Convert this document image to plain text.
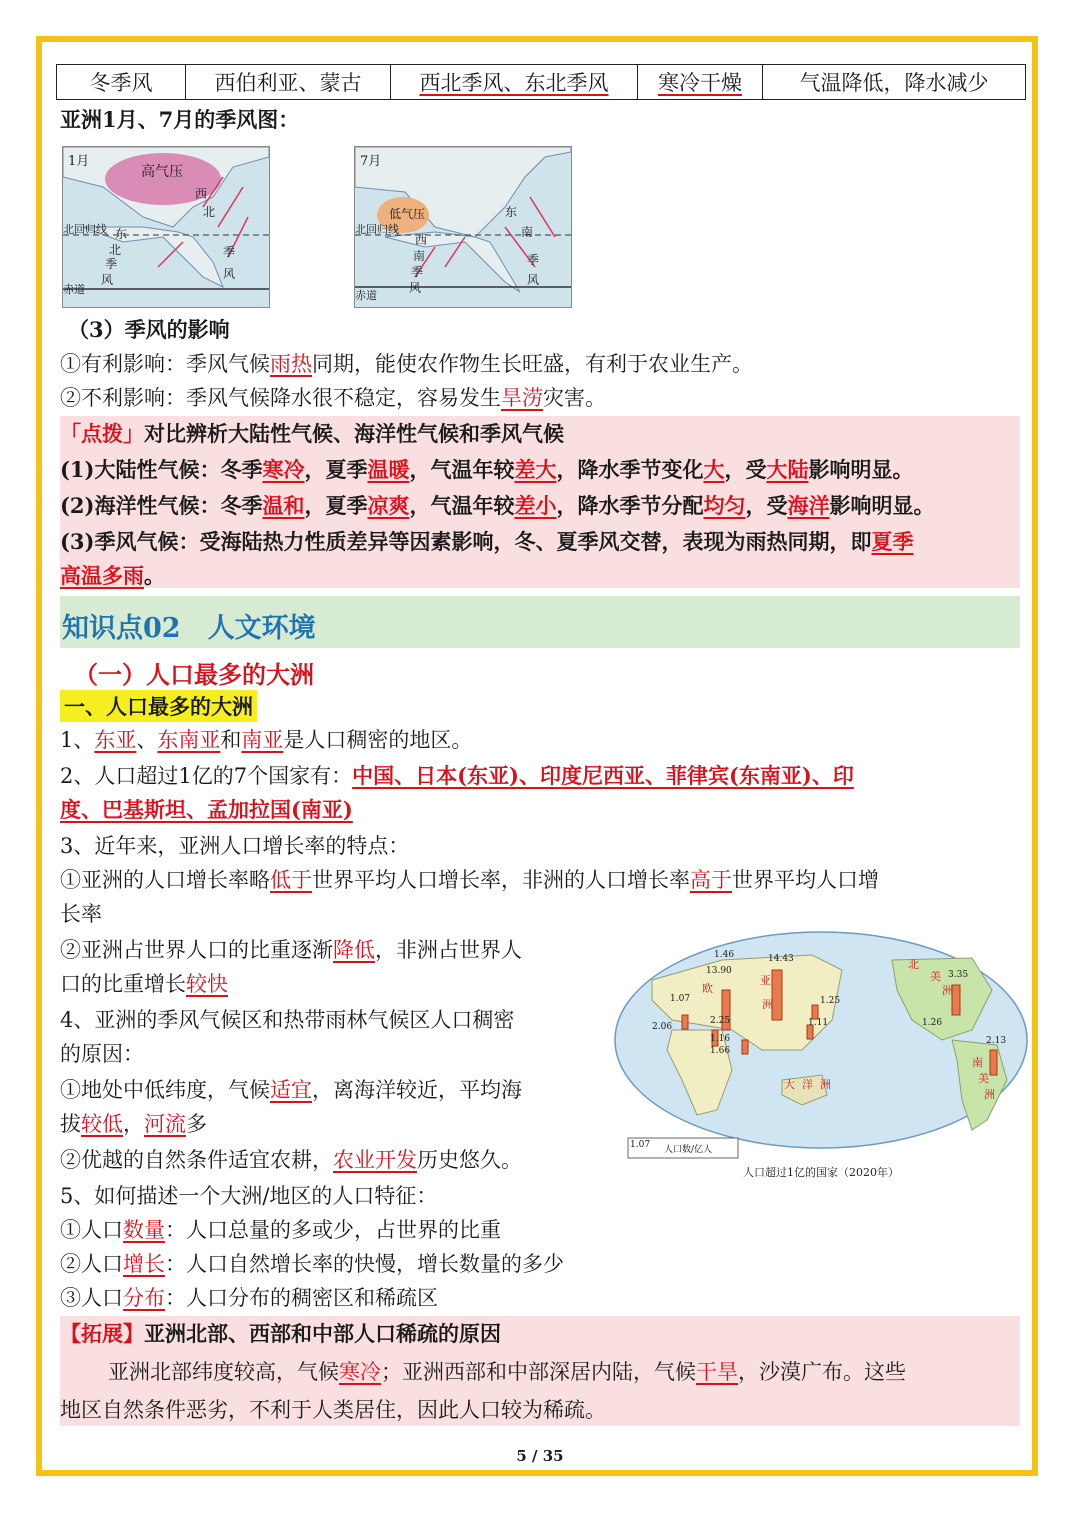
冬季风	西伯利亚、蒙古	西北季风、东北季风	寒冷干燥	气温降低，降水减少
亚洲1月、7月的季风图：
1月
高气压
北回归线
赤道
西
北
东
北
季
风
季
风
7月
低气压
北回归线
赤道
西
南
季
风
东
南
季
风
（3）季风的影响
①有利影响：季风气候雨热同期，能使农作物生长旺盛，有利于农业生产。
②不利影响：季风气候降水很不稳定，容易发生旱涝灾害。
「点拨」对比辨析大陆性气候、海洋性气候和季风气候
(1)大陆性气候：冬季寒冷，夏季温暖，气温年较差大，降水季节变化大，受大陆影响明显。
(2)海洋性气候：冬季温和，夏季凉爽，气温年较差小，降水季节分配均匀，受海洋影响明显。
(3)季风气候：受海陆热力性质差异等因素影响，冬、夏季风交替，表现为雨热同期，即夏季
高温多雨。
知识点02　人文环境
（一）人口最多的大洲
一、人口最多的大洲
1、东亚、东南亚和南亚是人口稠密的地区。
2、人口超过1亿的7个国家有：中国、日本(东亚)、印度尼西亚、菲律宾(东南亚)、印
度、巴基斯坦、孟加拉国(南亚)
3、近年来，亚洲人口增长率的特点：
①亚洲的人口增长率略低于世界平均人口增长率，非洲的人口增长率高于世界平均人口增
长率
②亚洲占世界人口的比重逐渐降低，非洲占世界人
口的比重增长较快
4、亚洲的季风气候区和热带雨林气候区人口稠密
的原因：
①地处中低纬度，气候适宜，离海洋较近，平均海
拔较低，河流多
②优越的自然条件适宜农耕，农业开发历史悠久。
5、如何描述一个大洲/地区的人口特征：
①人口数量：人口总量的多或少，占世界的比重
②人口增长：人口自然增长率的快慢，增长数量的多少
③人口分布：人口分布的稠密区和稀疏区
1.07 人口数/亿人
14.43
13.90	3.35
2.13
2.25
1.66
1.26
1.25
1.46
1.07
2.06	1.11
1.16
北
美
洲
亚
洲
大 洋 洲
南
美
洲
欧
人口超过1亿的国家（2020年）
【拓展】亚洲北部、西部和中部人口稀疏的原因
亚洲北部纬度较高，气候寒冷；亚洲西部和中部深居内陆，气候干旱，沙漠广布。这些
地区自然条件恶劣，不利于人类居住，因此人口较为稀疏。
5 / 35
